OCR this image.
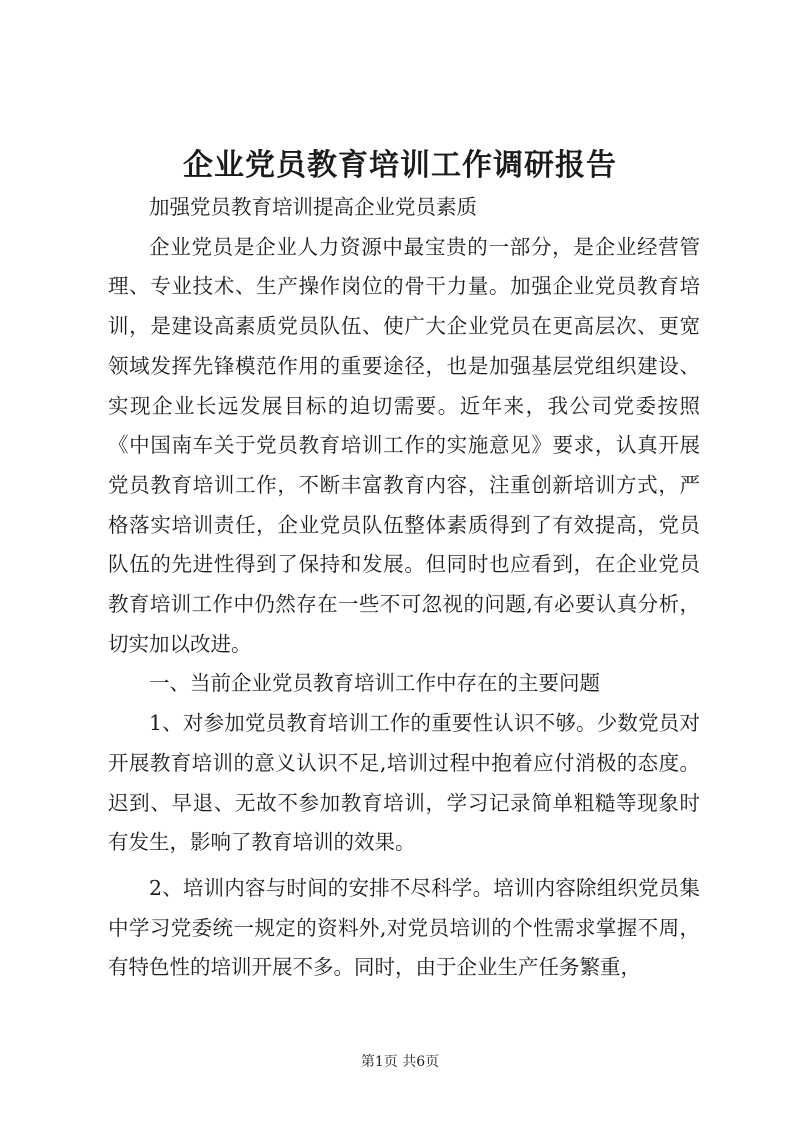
企业党员教育培训工作调研报告

加强党员教育培训提高企业党员素质

企业党员是企业人力资源中最宝贵的一部分，是企业经营管理、专业技术、生产操作岗位的骨干力量。加强企业党员教育培训，是建设高素质党员队伍、使广大企业党员在更高层次、更宽领域发挥先锋模范作用的重要途径，也是加强基层党组织建设、实现企业长远发展目标的迫切需要。近年来，我公司党委按照《中国南车关于党员教育培训工作的实施意见》要求，认真开展党员教育培训工作，不断丰富教育内容，注重创新培训方式，严格落实培训责任，企业党员队伍整体素质得到了有效提高，党员队伍的先进性得到了保持和发展。但同时也应看到，在企业党员教育培训工作中仍然存在一些不可忽视的问题,有必要认真分析，切实加以改进。

一、当前企业党员教育培训工作中存在的主要问题

1、对参加党员教育培训工作的重要性认识不够。少数党员对开展教育培训的意义认识不足,培训过程中抱着应付消极的态度。迟到、早退、无故不参加教育培训，学习记录简单粗糙等现象时有发生，影响了教育培训的效果。

2、培训内容与时间的安排不尽科学。培训内容除组织党员集中学习党委统一规定的资料外,对党员培训的个性需求掌握不周，有特色性的培训开展不多。同时，由于企业生产任务繁重，

第1页 共6页
